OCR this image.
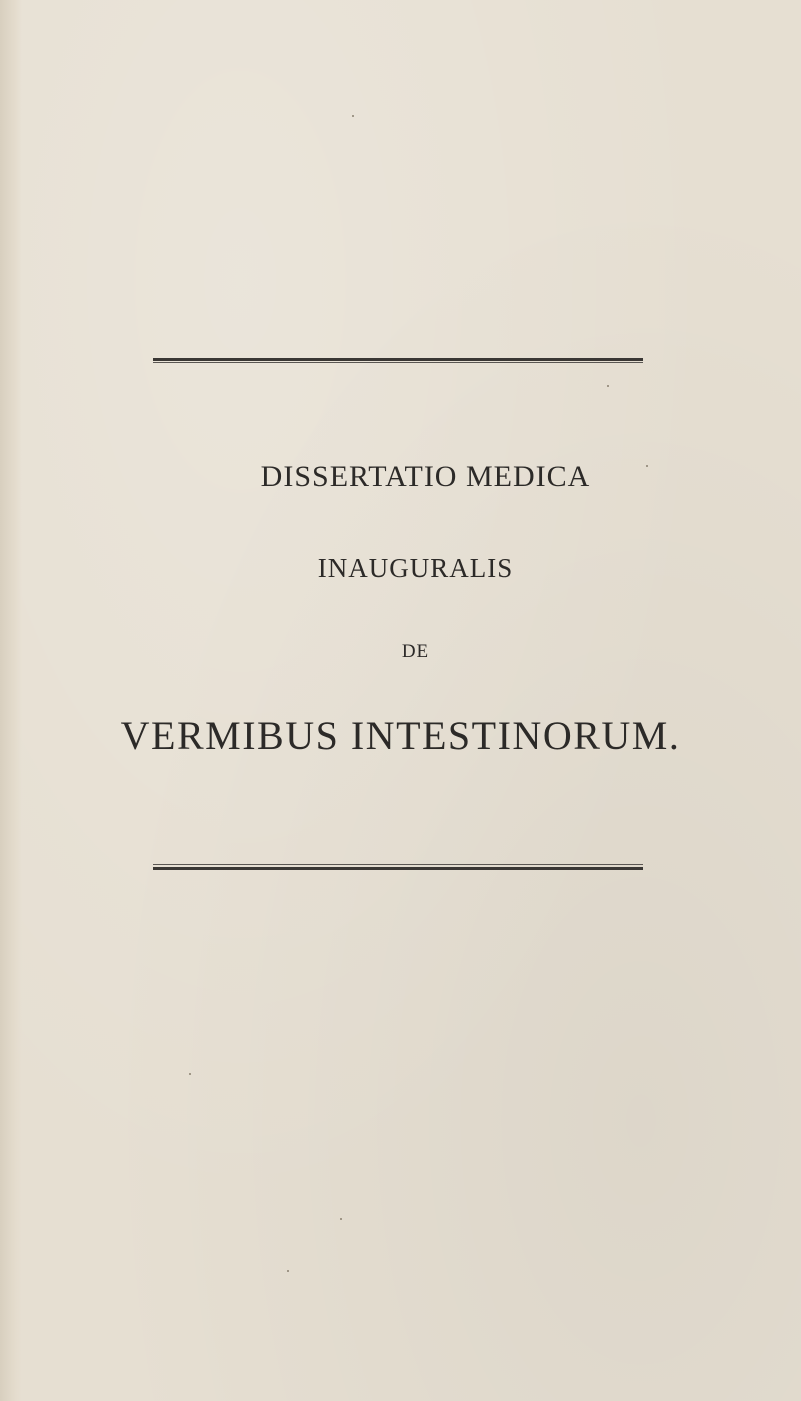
DISSERTATIO MEDICA
INAUGURALIS
DE
VERMIBUS INTESTINORUM.
